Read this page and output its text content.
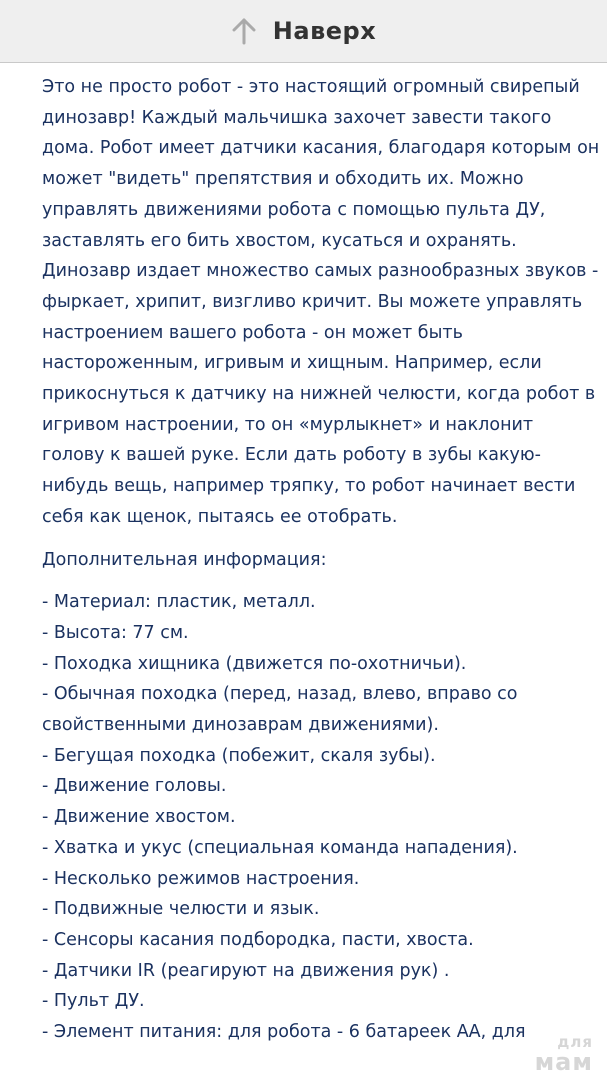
Наверх

Это не просто робот - это настоящий огромный свирепый динозавр! Каждый мальчишка захочет завести такого дома. Робот имеет датчики касания, благодаря которым он может "видеть" препятствия и обходить их. Можно управлять движениями робота с помощью пульта ДУ, заставлять его бить хвостом, кусаться и охранять. Динозавр издает множество самых разнообразных звуков - фыркает, хрипит, визгливо кричит. Вы можете управлять настроением вашего робота - он может быть настороженным, игривым и хищным. Например, если прикоснуться к датчику на нижней челюсти, когда робот в игривом настроении, то он «мурлыкнет» и наклонит голову к вашей руке. Если дать роботу в зубы какую-нибудь вещь, например тряпку, то робот начинает вести себя как щенок, пытаясь ее отобрать.

Дополнительная информация:

- Материал: пластик, металл.
- Высота: 77 см.
- Походка хищника (движется по-охотничьи).
- Обычная походка (перед, назад, влево, вправо со свойственными динозаврам движениями).
- Бегущая походка (побежит, скаля зубы).
- Движение головы.
- Движение хвостом.
- Хватка и укус (специальная команда нападения).
- Несколько режимов настроения.
- Подвижные челюсти и язык.
- Сенсоры касания подбородка, пасти, хвоста.
- Датчики IR (реагируют на движения рук) .
- Пульт ДУ.
- Элемент питания: для робота - 6 батареек АА, для	для
мам
